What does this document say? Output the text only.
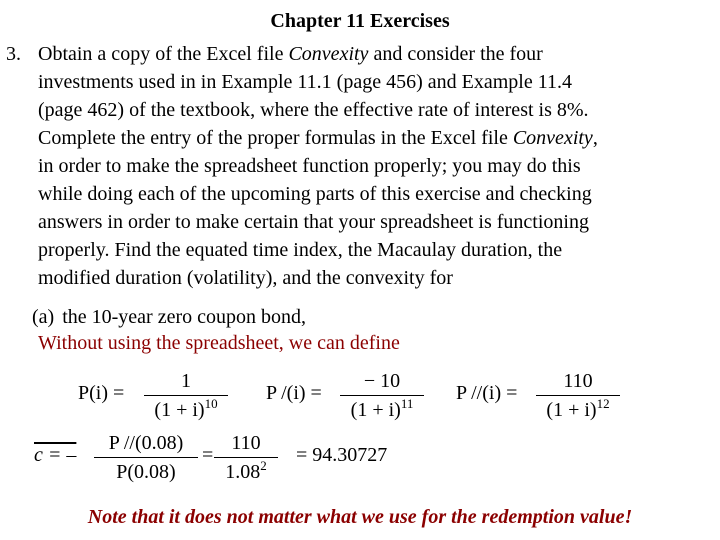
Chapter 11 Exercises
3. Obtain a copy of the Excel file Convexity and consider the four
investments used in in Example 11.1 (page 456) and Example 11.4
(page 462) of the textbook, where the effective rate of interest is 8%.
Complete the entry of the proper formulas in the Excel file Convexity,
in order to make the spreadsheet function properly; you may do this
while doing each of the upcoming parts of this exercise and checking
answers in order to make certain that your spreadsheet is functioning
properly. Find the equated time index, the Macaulay duration, the
modified duration (volatility), and the convexity for
(a) the 10-year zero coupon bond,
Without using the spreadsheet, we can define
P(i) =
1
$(1 + i)^{10}$	P /(i) =
− 10
$(1 + i)^{11}$	P //(i) =
110
$(1 + i)^{12}$
c = –
P //(0.08)
P(0.08)
=
110
$1.08^2$	= 94.30727
Note that it does not matter what we use for the redemption value!
